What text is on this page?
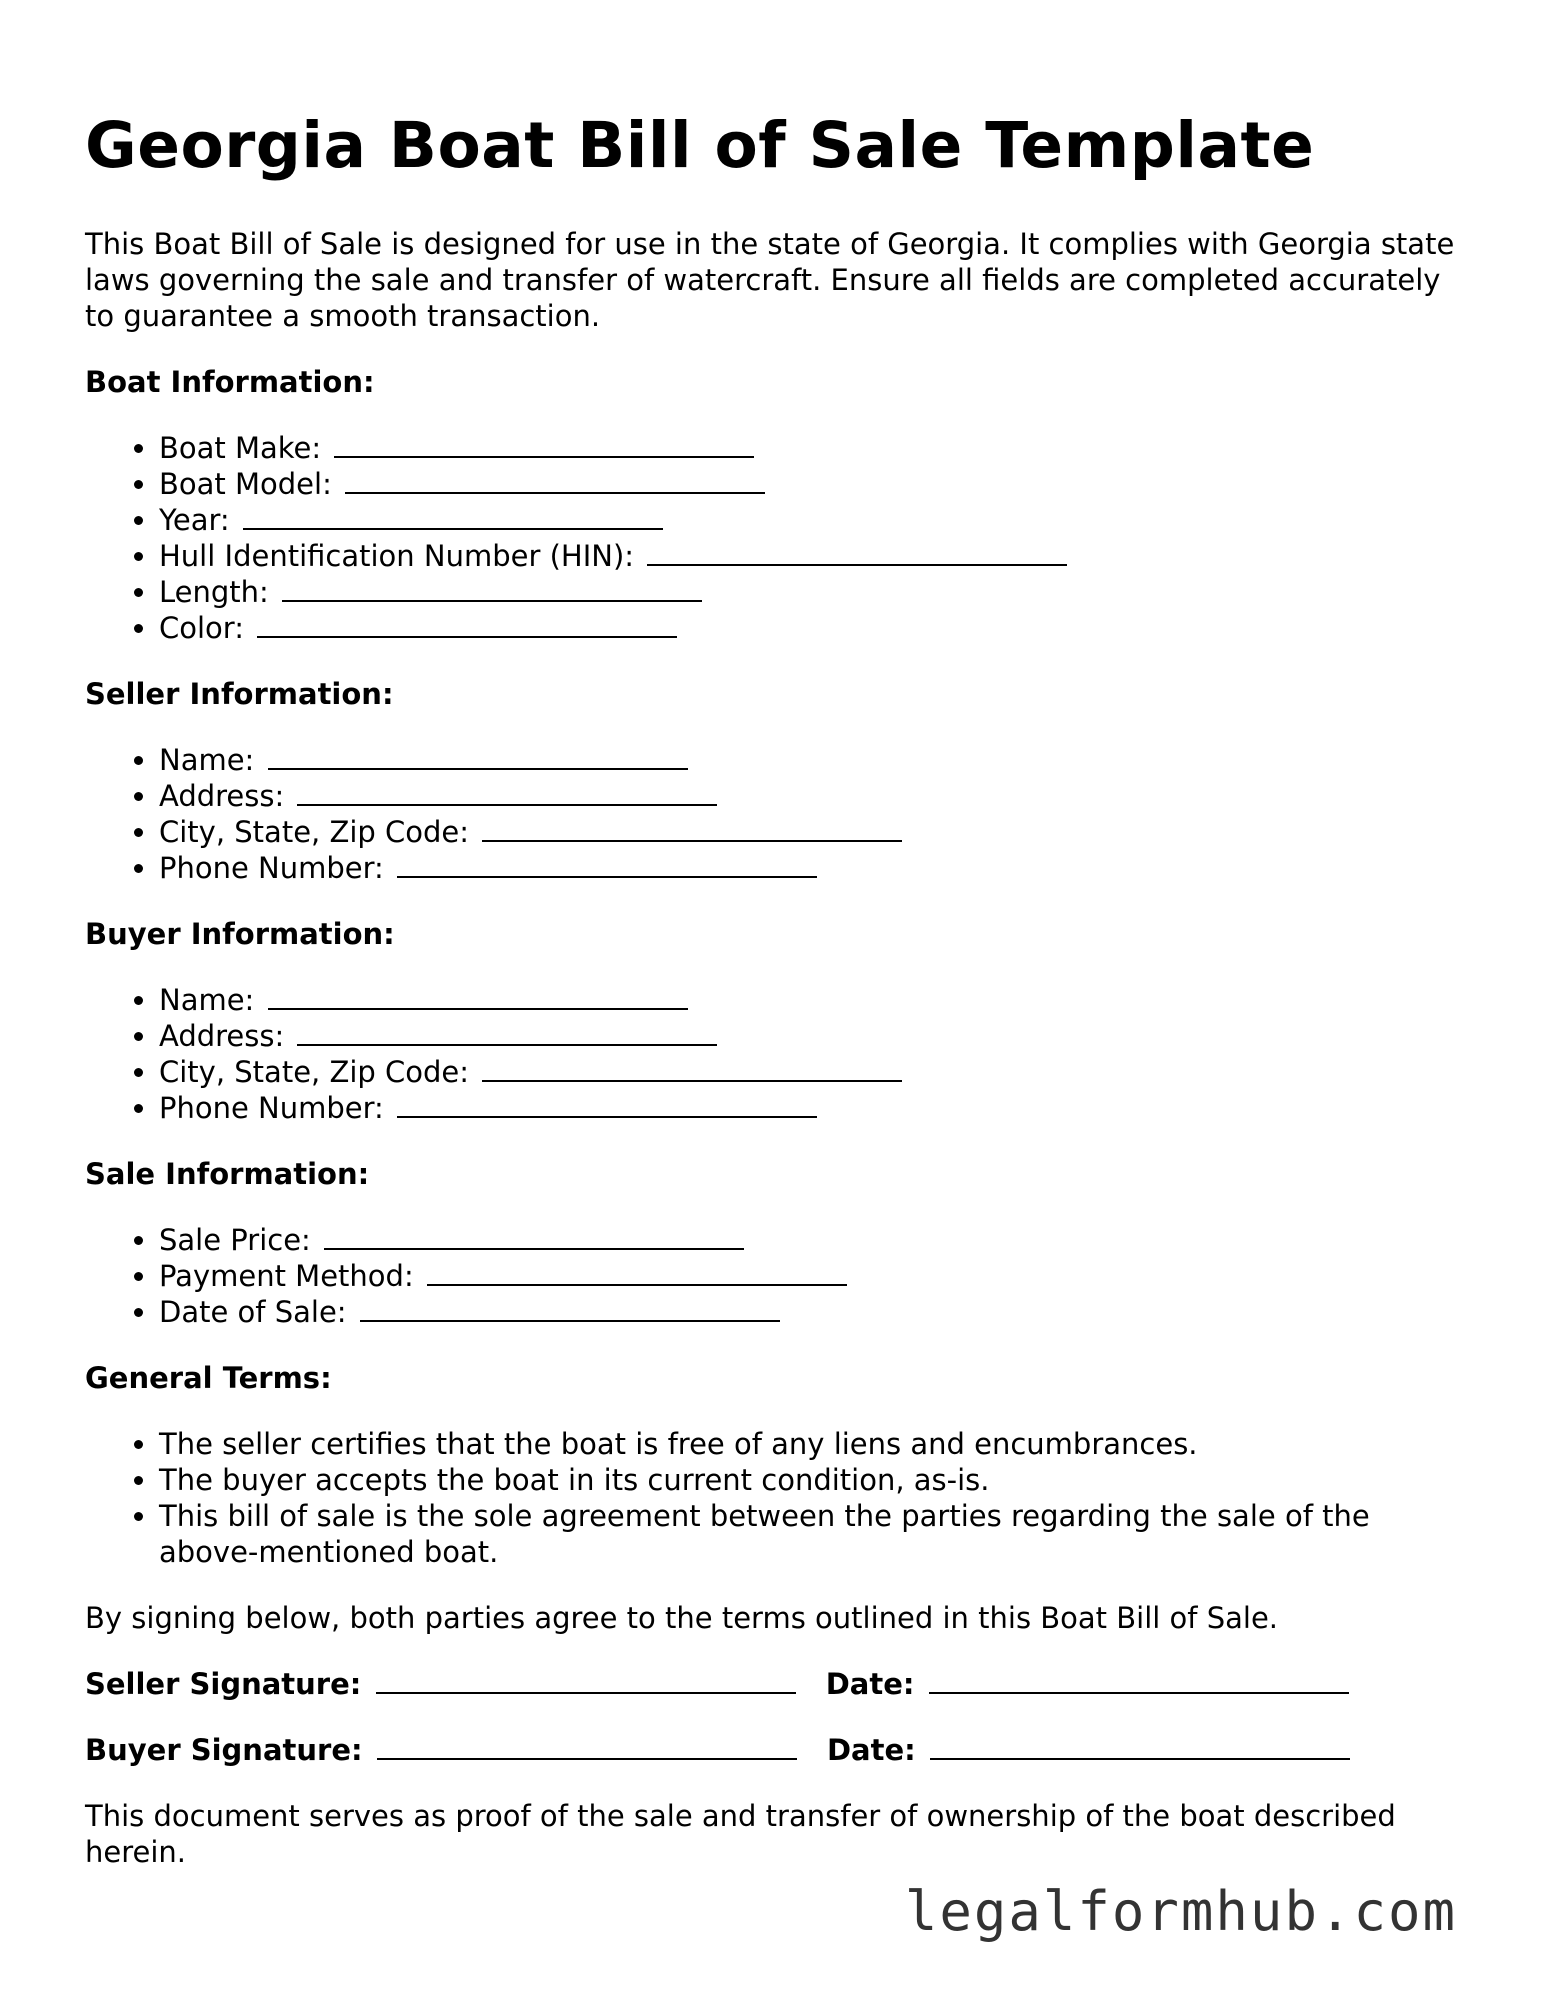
Georgia Boat Bill of Sale Template

This Boat Bill of Sale is designed for use in the state of Georgia. It complies with Georgia state laws governing the sale and transfer of watercraft. Ensure all fields are completed accurately to guarantee a smooth transaction.

Boat Information:
• Boat Make:
• Boat Model:
• Year:
• Hull Identification Number (HIN):
• Length:
• Color:
Seller Information:
• Name:
• Address:
• City, State, Zip Code:
• Phone Number:
Buyer Information:
• Name:
• Address:
• City, State, Zip Code:
• Phone Number:
Sale Information:
• Sale Price:
• Payment Method:
• Date of Sale:
General Terms:
• The seller certifies that the boat is free of any liens and encumbrances.
• The buyer accepts the boat in its current condition, as-is.
• This bill of sale is the sole agreement between the parties regarding the sale of the above-mentioned boat.

By signing below, both parties agree to the terms outlined in this Boat Bill of Sale.

Seller Signature:	Date:
Buyer Signature:	Date:

This document serves as proof of the sale and transfer of ownership of the boat described herein.

legalformhub.com
